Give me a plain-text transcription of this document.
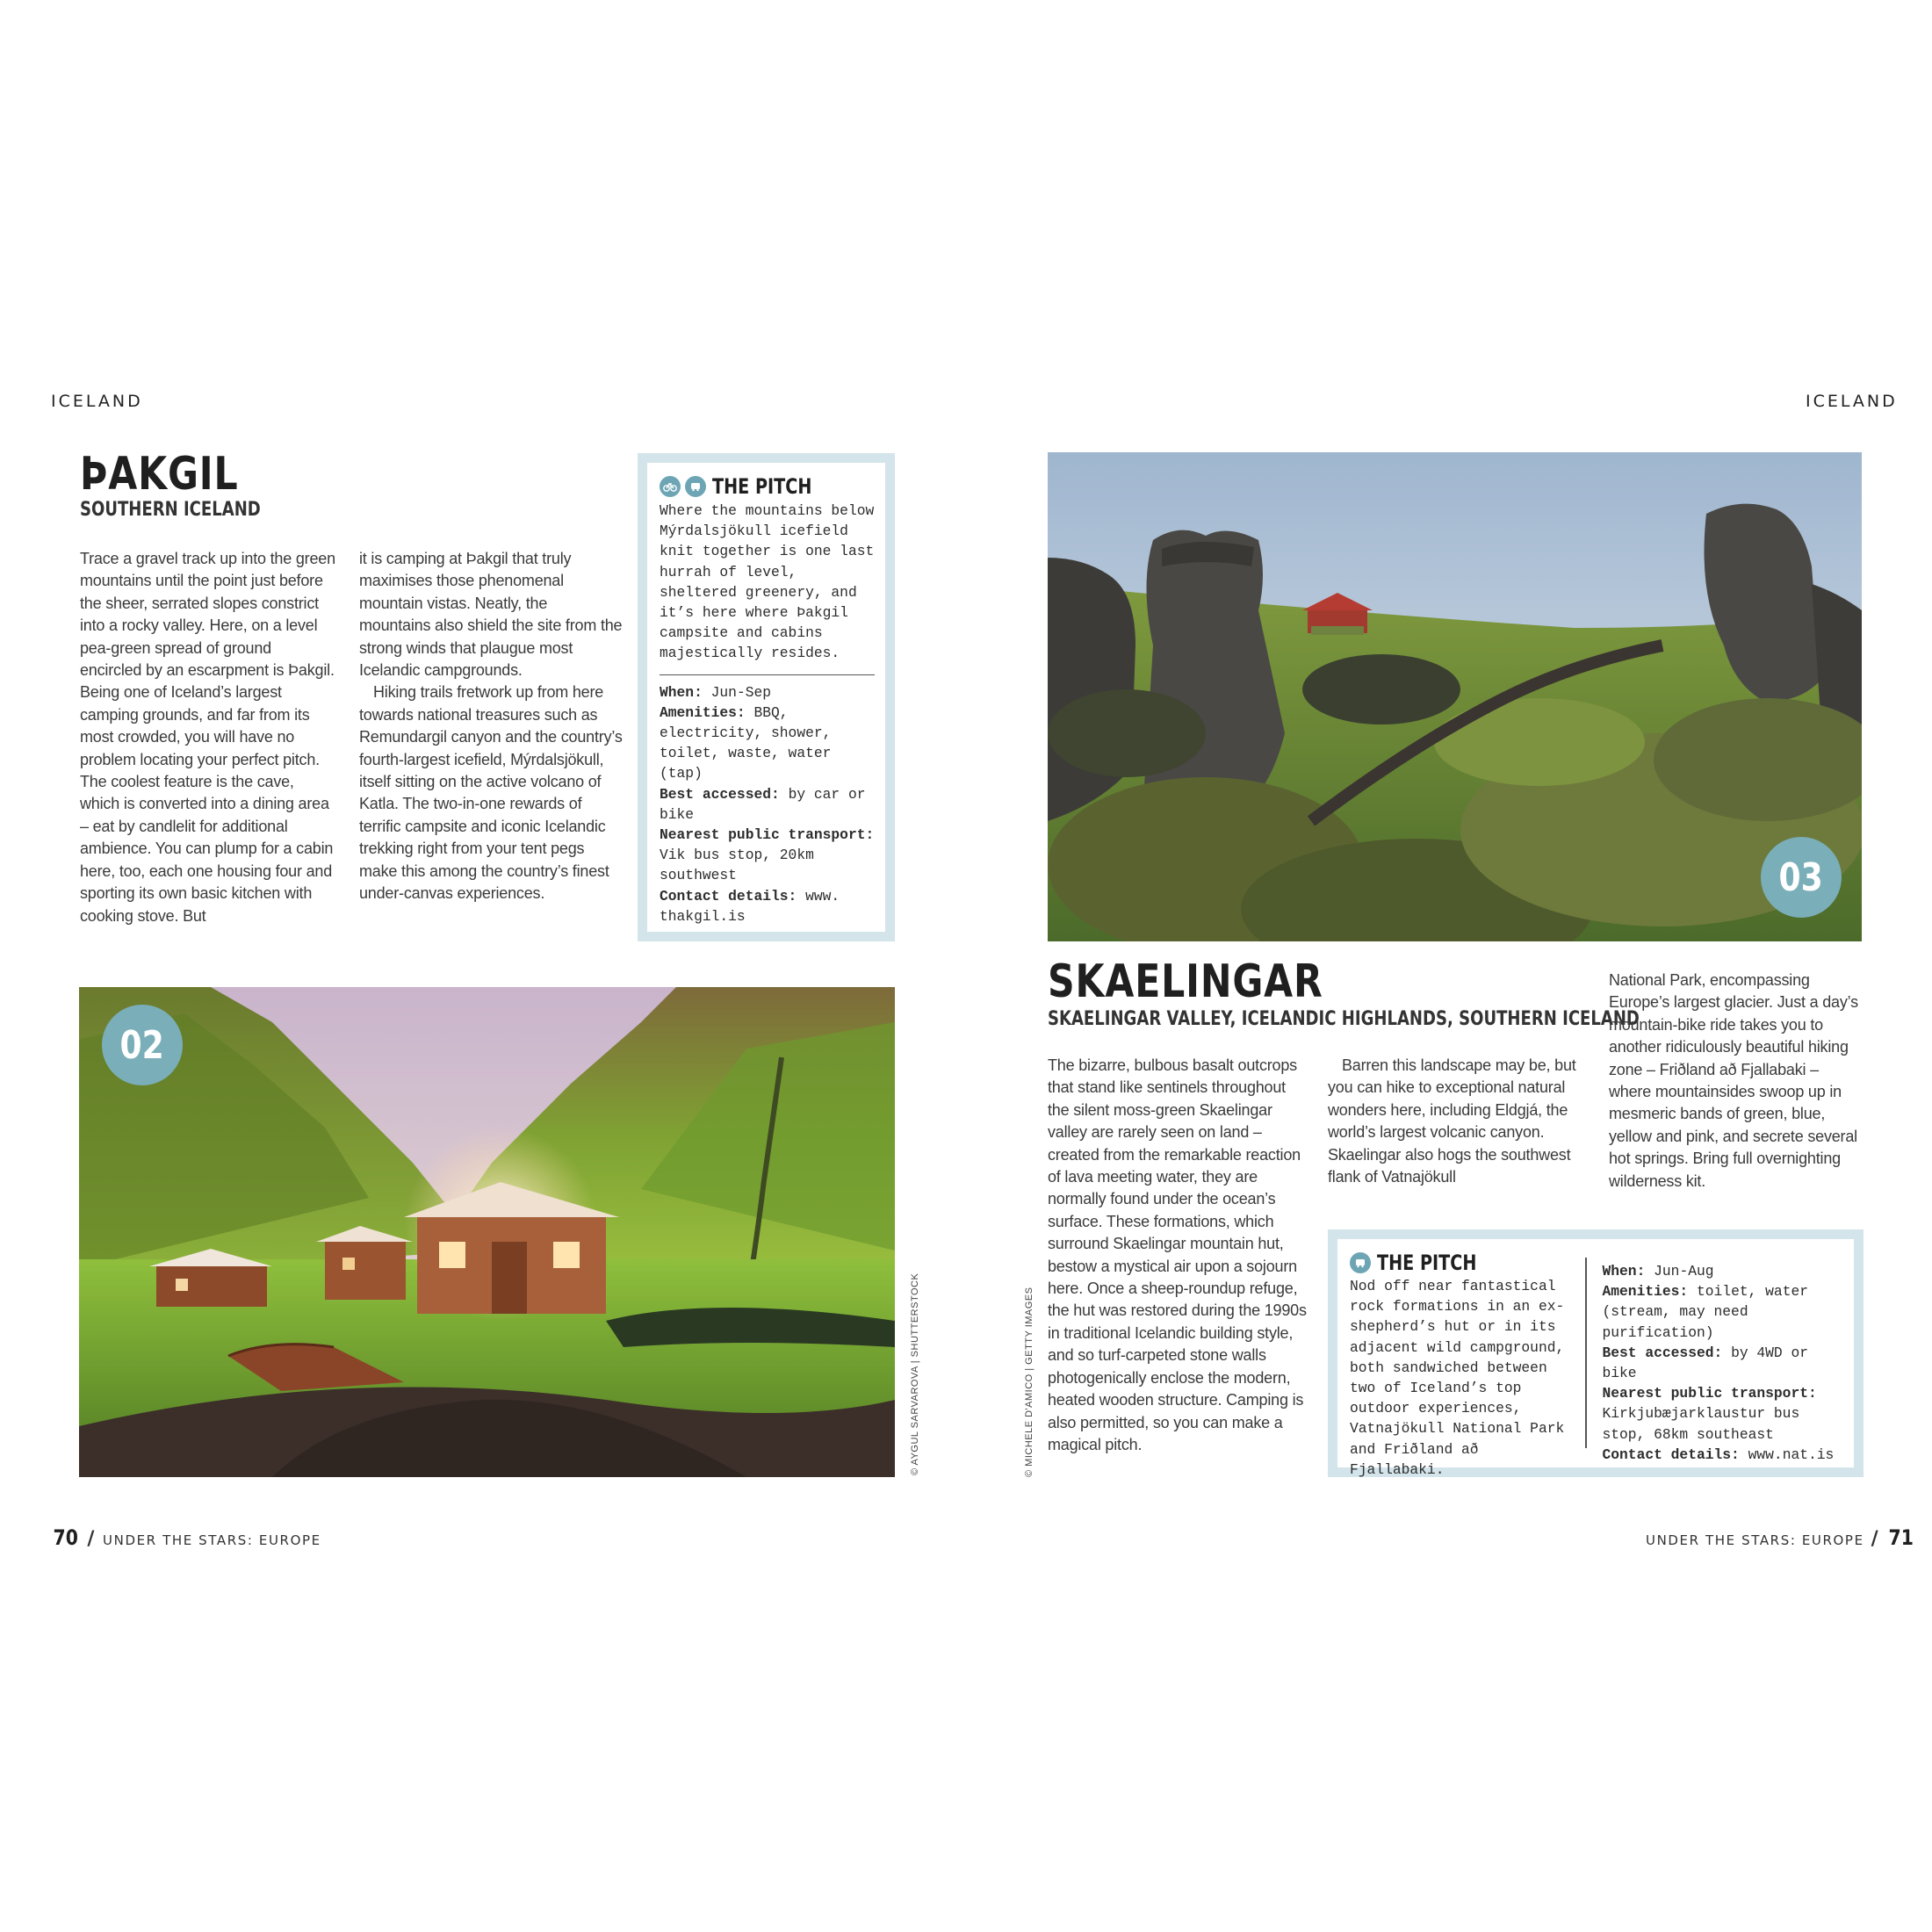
ICELAND
ÞAKGIL
SOUTHERN ICELAND

Trace a gravel track up into the green mountains until the point just before the sheer, serrated slopes constrict into a rocky valley. Here, on a level pea-green spread of ground encircled by an escarpment is Þakgil. Being one of Iceland’s largest camping grounds, and far from its most crowded, you will have no problem locating your perfect pitch. The coolest feature is the cave, which is converted into a dining area – eat by candlelit for additional ambience. You can plump for a cabin here, too, each one housing four and sporting its own basic kitchen with cooking stove. But

it is camping at Þakgil that truly maximises those phenomenal mountain vistas. Neatly, the mountains also shield the site from the strong winds that plaugue most Icelandic campgrounds.

Hiking trails fretwork up from here towards national treasures such as Remundargil canyon and the country’s fourth-largest icefield, Mýrdalsjökull, itself sitting on the active volcano of Katla. The two-in-one rewards of terrific campsite and iconic Icelandic trekking right from your tent pegs make this among the country’s finest under-canvas experiences.

THE PITCH
Where the mountains below Mýrdalsjökull icefield knit together is one last hurrah of level, sheltered greenery, and it’s here where Þakgil campsite and cabins majestically resides.
When: Jun-Sep
Amenities: BBQ, electricity, shower, toilet, waste, water (tap)
Best accessed: by car or bike
Nearest public transport: Vik bus stop, 20km southwest
Contact details: www. thakgil.is
02
© AYGUL SARVAROVA | SHUTTERSTOCK
70 / UNDER THE STARS: EUROPE
ICELAND
03
© MICHELE D'AMICO | GETTY IMAGES
SKAELINGAR
SKAELINGAR VALLEY, ICELANDIC HIGHLANDS, SOUTHERN ICELAND

The bizarre, bulbous basalt outcrops that stand like sentinels throughout the silent moss-green Skaelingar valley are rarely seen on land – created from the remarkable reaction of lava meeting water, they are normally found under the ocean’s surface. These formations, which surround Skaelingar mountain hut, bestow a mystical air upon a sojourn here. Once a sheep-roundup refuge, the hut was restored during the 1990s in traditional Icelandic building style, and so turf-carpeted stone walls photogenically enclose the modern, heated wooden structure. Camping is also permitted, so you can make a magical pitch.

Barren this landscape may be, but you can hike to exceptional natural wonders here, including Eldgjá, the world’s largest volcanic canyon. Skaelingar also hogs the southwest flank of Vatnajökull

National Park, encompassing Europe’s largest glacier. Just a day’s mountain-bike ride takes you to another ridiculously beautiful hiking zone – Friðland að Fjallabaki – where mountainsides swoop up in mesmeric bands of green, blue, yellow and pink, and secrete several hot springs. Bring full overnighting wilderness kit.

THE PITCH
Nod off near fantastical rock formations in an ex-shepherd’s hut or in its adjacent wild campground, both sandwiched between two of Iceland’s top outdoor experiences, Vatnajökull National Park and Friðland að Fjallabaki.
When: Jun-Aug
Amenities: toilet, water (stream, may need purification)
Best accessed: by 4WD or bike
Nearest public transport: Kirkjubæjarklaustur bus stop, 68km southeast
Contact details: www.nat.is
UNDER THE STARS: EUROPE / 71
